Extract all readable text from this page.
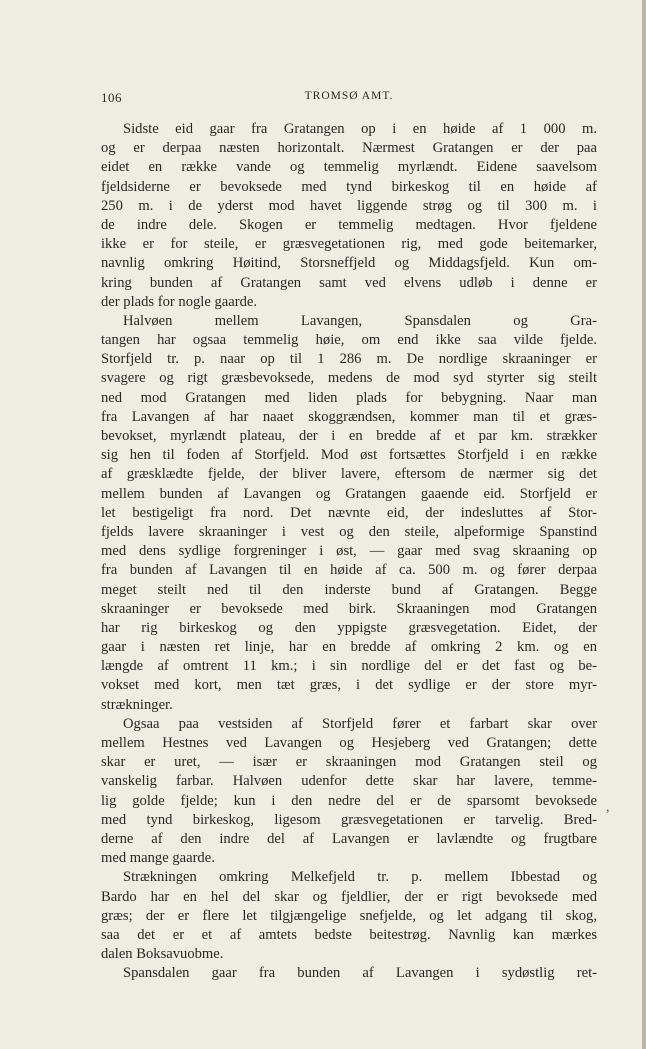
106	TROMSØ AMT.
Sidste eid gaar fra Gratangen op i en høide af 1 000 m.
og er derpaa næsten horizontalt. Nærmest Gratangen er der paa
eidet en række vande og temmelig myrlændt. Eidene saavelsom
fjeldsiderne er bevoksede med tynd birkeskog til en høide af
250 m. i de yderst mod havet liggende strøg og til 300 m. i
de indre dele. Skogen er temmelig medtagen. Hvor fjeldene
ikke er for steile, er græsvegetationen rig, med gode beitemarker,
navnlig omkring Høitind, Storsneffjeld og Middagsfjeld. Kun om-
kring bunden af Gratangen samt ved elvens udløb i denne er
der plads for nogle gaarde.
Halvøen mellem Lavangen, Spansdalen og Gra-
tangen har ogsaa temmelig høie, om end ikke saa vilde fjelde.
Storfjeld tr. p. naar op til 1 286 m. De nordlige skraaninger er
svagere og rigt græsbevoksede, medens de mod syd styrter sig steilt
ned mod Gratangen med liden plads for bebygning. Naar man
fra Lavangen af har naaet skoggrændsen, kommer man til et græs-
bevokset, myrlændt plateau, der i en bredde af et par km. strækker
sig hen til foden af Storfjeld. Mod øst fortsættes Storfjeld i en række
af græsklædte fjelde, der bliver lavere, eftersom de nærmer sig det
mellem bunden af Lavangen og Gratangen gaaende eid. Storfjeld er
let bestigeligt fra nord. Det nævnte eid, der indesluttes af Stor-
fjelds lavere skraaninger i vest og den steile, alpeformige Spanstind
med dens sydlige forgreninger i øst, — gaar med svag skraaning op
fra bunden af Lavangen til en høide af ca. 500 m. og fører derpaa
meget steilt ned til den inderste bund af Gratangen. Begge
skraaninger er bevoksede med birk. Skraaningen mod Gratangen
har rig birkeskog og den yppigste græsvegetation. Eidet, der
gaar i næsten ret linje, har en bredde af omkring 2 km. og en
længde af omtrent 11 km.; i sin nordlige del er det fast og be-
vokset med kort, men tæt græs, i det sydlige er der store myr-
strækninger.
Ogsaa paa vestsiden af Storfjeld fører et farbart skar over
mellem Hestnes ved Lavangen og Hesjeberg ved Gratangen; dette
skar er uret, — især er skraaningen mod Gratangen steil og
vanskelig farbar. Halvøen udenfor dette skar har lavere, temme-
lig golde fjelde; kun i den nedre del er de sparsomt bevoksede
med tynd birkeskog, ligesom græsvegetationen er tarvelig. Bred-
derne af den indre del af Lavangen er lavlændte og frugtbare
med mange gaarde.
Strækningen omkring Melkefjeld tr. p. mellem Ibbestad og
Bardo har en hel del skar og fjeldlier, der er rigt bevoksede med
græs; der er flere let tilgjængelige snefjelde, og let adgang til skog,
saa det er et af amtets bedste beitestrøg. Navnlig kan mærkes
dalen Boksavuobme.
Spansdalen gaar fra bunden af Lavangen i sydøstlig ret-
,
